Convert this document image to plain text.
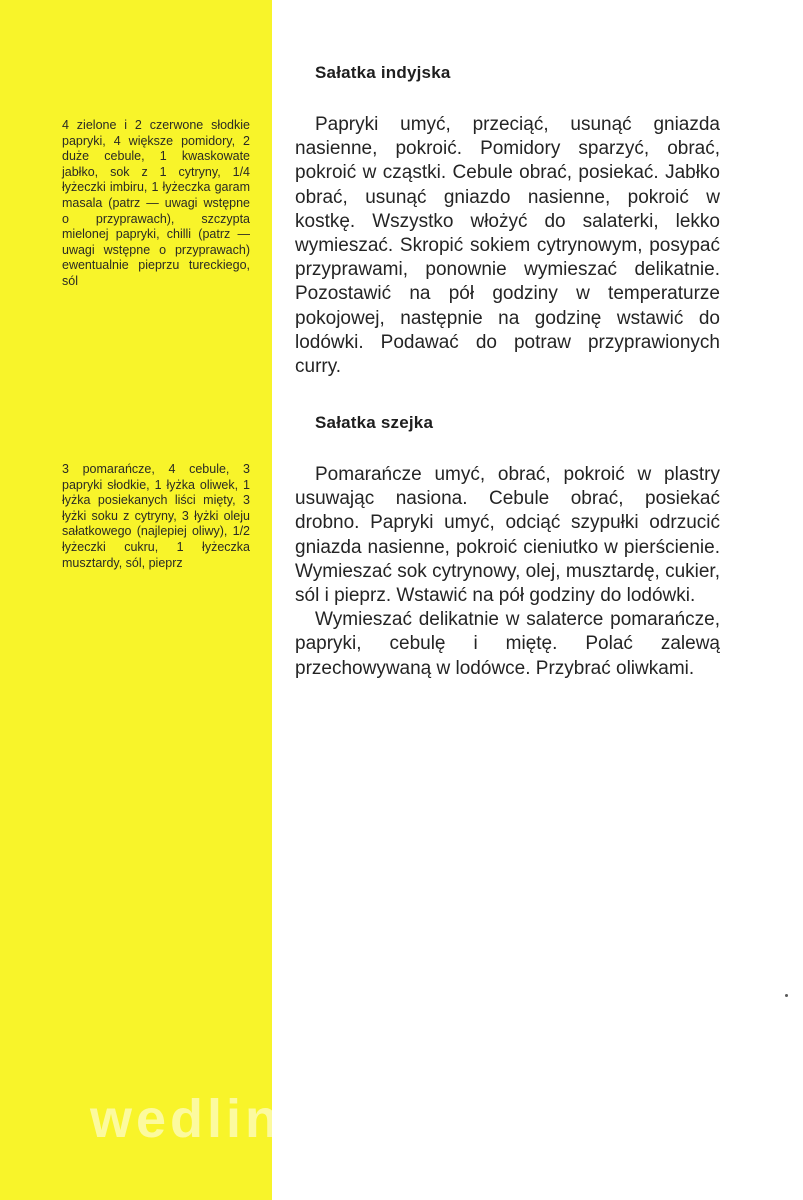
4 zielone i 2 czerwone słodkie papryki, 4 większe pomidory, 2 duże cebule, 1 kwaskowate jabłko, sok z 1 cytryny, 1/4 łyżeczki imbiru, 1 łyżeczka garam masala (patrz — uwagi wstępne o przyprawach), szczypta mielonej papryki, chilli (patrz — uwagi wstępne o przyprawach) ewentualnie pieprzu tureckiego, sól
3 pomarańcze, 4 cebule, 3 papryki słodkie, 1 łyżka oliwek, 1 łyżka posiekanych liści mięty, 3 łyżki soku z cytryny, 3 łyżki oleju sałatkowego (najlepiej oliwy), 1/2 łyżeczki cukru, 1 łyżeczka musztardy, sól, pieprz
Sałatka indyjska

Papryki umyć, przeciąć, usunąć gniazda nasienne, pokroić. Pomidory sparzyć, obrać, pokroić w cząstki. Cebule obrać, posiekać. Jabłko obrać, usunąć gniazdo nasienne, pokroić w kostkę. Wszystko włożyć do salaterki, lekko wymieszać. Skropić sokiem cytrynowym, posypać przyprawami, ponownie wymieszać delikatnie. Pozostawić na pół godziny w temperaturze pokojowej, następnie na godzinę wstawić do lodówki. Podawać do potraw przyprawionych curry.

Sałatka szejka

Pomarańcze umyć, obrać, pokroić w plastry usuwając nasiona. Cebule obrać, posiekać drobno. Papryki umyć, odciąć szypułki odrzucić gniazda nasienne, pokroić cieniutko w pierścienie. Wymieszać sok cytrynowy, olej, musztardę, cukier, sól i pieprz. Wstawić na pół godziny do lodówki.

Wymieszać delikatnie w salaterce pomarańcze, papryki, cebulę i miętę. Polać zalewą przechowywaną w lodówce. Przybrać oliwkami.

wedlinydomowe.pl
